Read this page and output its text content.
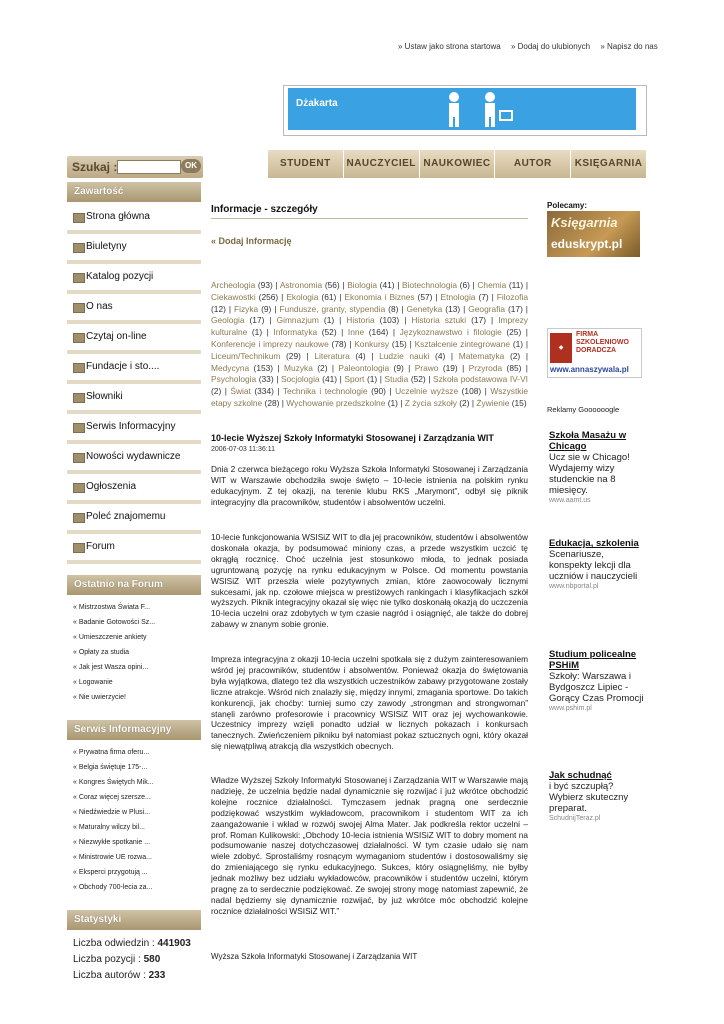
» Ustaw jako strona startowa » Dodaj do ulubionych » Napisz do nas
Dżakarta
Szukaj :	OK	STUDENT	NAUCZYCIEL NAUKOWIEC	AUTOR	KSIĘGARNIA
Zawartość
Strona główna
Biuletyny
Katalog pozycji
O nas
Czytaj on-line
Fundacje i sto....
Słowniki
Serwis Informacyjny
Nowości wydawnicze
Ogłoszenia
Poleć znajomemu
Forum
Ostatnio na Forum
« Mistrzostwa Świata F...
« Badanie Gotowości Sz...
« Umieszczenie ankiety
« Opłaty za studia
« Jak jest Wasza opini...
« Logowanie
« Nie uwierzycie!
Serwis Informacyjny
« Prywatna firma oferu...
« Belgia świętuje 175-...
« Kongres Świętych Mik...
« Coraz więcej szersze...
« Niedźwiedzie w Plusi...
« Maturalny wilczy bil...
« Niezwykłe spotkanie ...
« Ministrowie UE rozwa...
« Eksperci przygotują ...
« Obchody 700-lecia za...
Statystyki
Liczba odwiedzin : 441903
Liczba pozycji : 580
Liczba autorów : 233
Informacje - szczegóły
« Dodaj Informację
Archeologia (93) | Astronomia (56) | Biologia (41) | Biotechnologia (6) | Chemia (11) | Ciekawostki (256) | Ekologia (61) | Ekonomia i Biznes (57) | Etnologia (7) | Filozofia (12) | Fizyka (9) | Fundusze, granty, stypendia (8) | Genetyka (13) | Geografia (17) | Geologia (17) | Gimnazjum (1) | Historia (103) | Historia sztuki (17) | Imprezy kulturalne (1) | Informatyka (52) | Inne (164) | Językoznawstwo i filologie (25) | Konferencje i imprezy naukowe (78) | Konkursy (15) | Kształcenie zintegrowane (1) | Liceum/Technikum (29) | Literatura (4) | Ludzie nauki (4) | Matematyka (2) | Medycyna (153) | Muzyka (2) | Paleontologia (9) | Prawo (19) | Przyroda (85) | Psychologia (33) | Socjologia (41) | Sport (1) | Studia (52) | Szkoła podstawowa IV-VI (2) | Świat (334) | Technika i technologie (90) | Uczelnie wyższe (108) | Wszystkie etapy szkolne (28) | Wychowanie przedszkolne (1) | Z życia szkoły (2) | Żywienie (15)
10-lecie Wyższej Szkoły Informatyki Stosowanej i Zarządzania WIT
2006-07-03 11:36:11
Dnia 2 czerwca bieżącego roku Wyższa Szkoła Informatyki Stosowanej i Zarządzania WIT w Warszawie obchodziła swoje święto – 10-lecie istnienia na polskim rynku edukacyjnym. Z tej okazji, na terenie klubu RKS „Marymont”, odbył się piknik integracyjny dla pracowników, studentów i absolwentów uczelni.
10-lecie funkcjonowania WSISiZ WIT to dla jej pracowników, studentów i absolwentów doskonała okazja, by podsumować miniony czas, a przede wszystkim uczcić tę okrągłą rocznicę. Choć uczelnia jest stosunkowo młoda, to jednak posiada ugruntowaną pozycję na rynku edukacyjnym w Polsce. Od momentu powstania WSISiZ WIT przeszła wiele pozytywnych zmian, które zaowocowały licznymi sukcesami, jak np. czołowe miejsca w prestiżowych rankingach i klasyfikacjach szkół wyższych. Piknik integracyjny okazał się więc nie tylko doskonałą okazją do uczczenia 10-lecia uczelni oraz zdobytych w tym czasie nagród i osiągnięć, ale także do dobrej zabawy w znanym sobie gronie.
Impreza integracyjna z okazji 10-lecia uczelni spotkała się z dużym zainteresowaniem wśród jej pracowników, studentów i absolwentów. Ponieważ okazja do świętowania była wyjątkowa, dlatego też dla wszystkich uczestników zabawy przygotowane zostały liczne atrakcje. Wśród nich znalazły się, między innymi, zmagania sportowe. Do takich konkurencji, jak choćby: turniej sumo czy zawody „strongman and strongwoman” stanęli zarówno profesorowie i pracownicy WSISiZ WIT oraz jej wychowankowie. Uczestnicy imprezy wzięli ponadto udział w licznych pokazach i konkursach tanecznych. Zwieńczeniem pikniku był natomiast pokaz sztucznych ogni, który okazał się niewątpliwą atrakcją dla wszystkich obecnych.
Władze Wyższej Szkoły Informatyki Stosowanej i Zarządzania WIT w Warszawie mają nadzieję, że uczelnia będzie nadal dynamicznie się rozwijać i już wkrótce obchodzić kolejne rocznice działalności. Tymczasem jednak pragną one serdecznie podziękować wszystkim wykładowcom, pracownikom i studentom WIT za ich zaangażowanie i wkład w rozwój swojej Alma Mater. Jak podkreśla rektor uczelni – prof. Roman Kulikowski: „Obchody 10-lecia istnienia WSISiZ WIT to dobry moment na podsumowanie naszej dotychczasowej działalności. W tym czasie udało się nam wiele zdobyć. Sprostaliśmy rosnącym wymaganiom studentów i dostosowaliśmy się do zmieniającego się rynku edukacyjnego. Sukces, który osiągnęliśmy, nie byłby jednak możliwy bez udziału wykładowców, pracowników i studentów uczelni, którym pragnę za to serdecznie podziękować. Ze swojej strony mogę natomiast zapewnić, że nadal będziemy się dynamicznie rozwijać, by już wkrótce móc obchodzić kolejne rocznice działalności WSISiZ WIT.”
Wyższa Szkoła Informatyki Stosowanej i Zarządzania WIT
Polecamy:
Księgarnia
eduskrypt.pl
◆
FIRMA SZKOLENIOWO DORADCZA
www.annaszywala.pl
Reklamy Goooooogle
Szkoła Masażu w Chicago
Ucz sie w Chicago! Wydajemy wizy studenckie na 8 miesięcy.
www.aamt.us
Edukacja, szkolenia
Scenariusze, konspekty lekcji dla uczniów i nauczycieli
www.nbportal.pl
Studium policealne PSHiM
Szkoły: Warszawa i Bydgoszcz Lipiec - Gorący Czas Promocji
www.pshim.pl
Jak schudnąć
i być szczupłą? Wybierz skuteczny preparat.
SchudnijTeraz.pl
